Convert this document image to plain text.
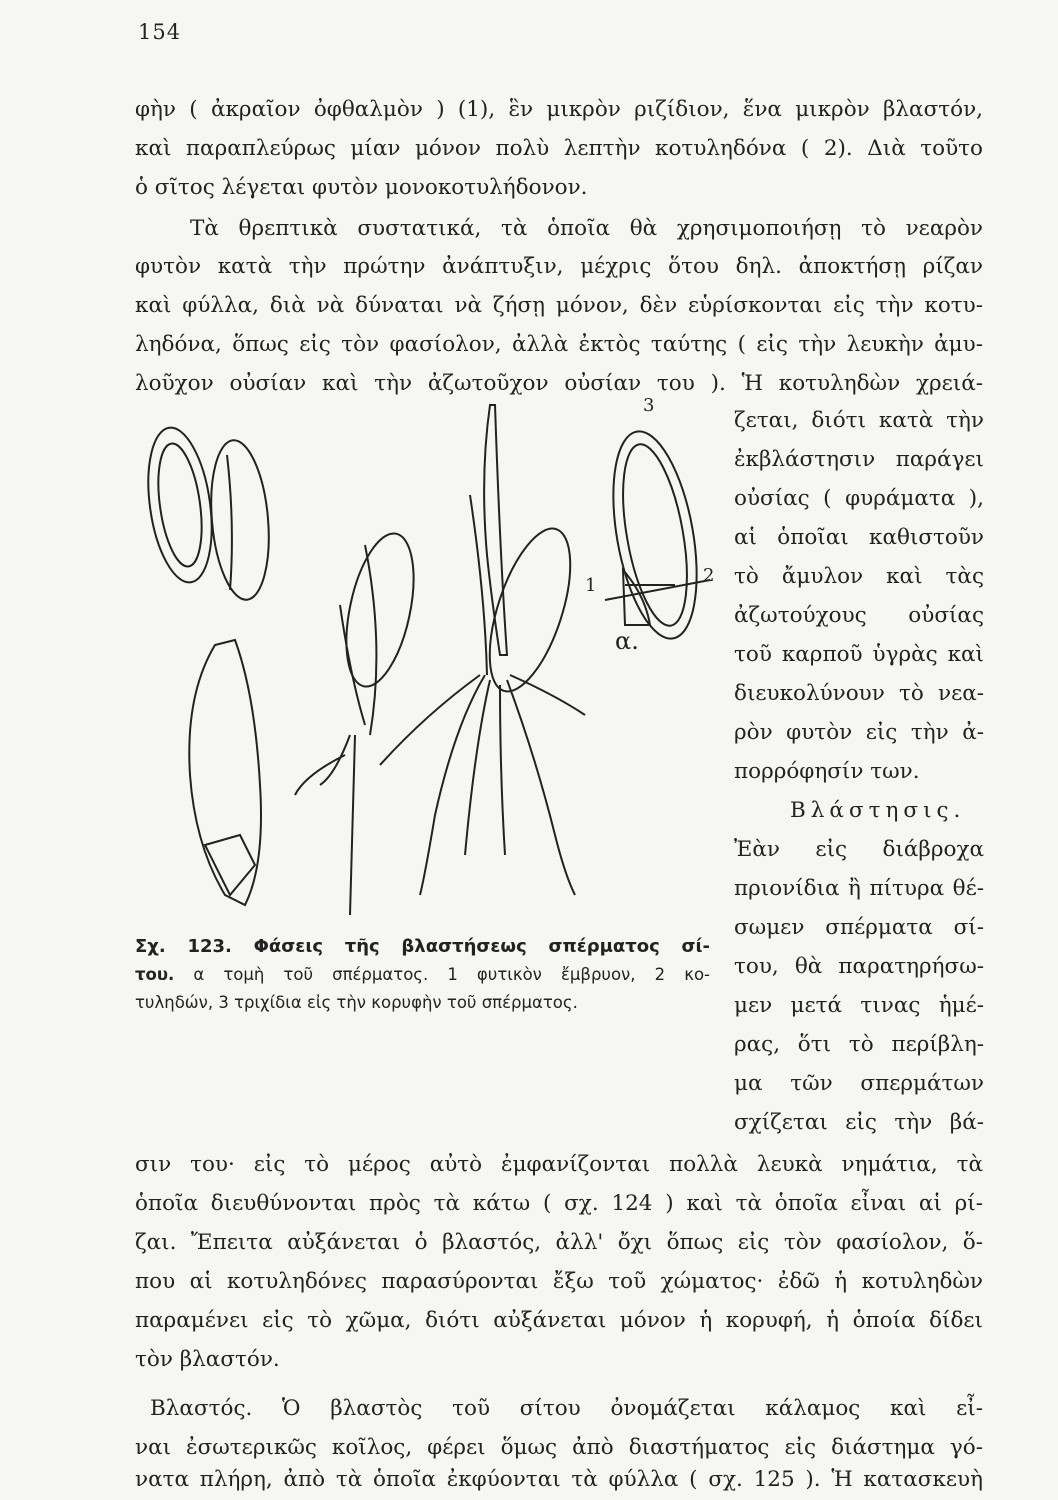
154
φὴν ( ἀκραῖον ὀφθαλμὸν ) (1), ἓν μικρὸν ριζίδιον, ἕνα μικρὸν βλαστόν,
καὶ παραπλεύρως μίαν μόνον πολὺ λεπτὴν κοτυληδόνα ( 2). Διὰ τοῦτο
ὁ σῖτος λέγεται φυτὸν μονοκοτυλήδονον.
Τὰ θρεπτικὰ συστατικά, τὰ ὁποῖα θὰ χρησιμοποιήσῃ τὸ νεαρὸν
φυτὸν κατὰ τὴν πρώτην ἀνάπτυξιν, μέχρις ὅτου δηλ. ἀποκτήσῃ ρίζαν
καὶ φύλλα, διὰ νὰ δύναται νὰ ζήσῃ μόνον, δὲν εὑρίσκονται εἰς τὴν κοτυ-
ληδόνα, ὅπως εἰς τὸν φασίολον, ἀλλὰ ἐκτὸς ταύτης ( εἰς τὴν λευκὴν ἀμυ-
λοῦχον οὐσίαν καὶ τὴν ἀζωτοῦχον οὐσίαν του ). Ἡ κοτυληδὼν χρειά-
ζεται, διότι κατὰ τὴν
ἐκβλάστησιν παράγει
οὐσίας ( φυράματα ),
αἱ ὁποῖαι καθιστοῦν
τὸ ἄμυλον καὶ τὰς
ἀζωτούχους οὐσίας
τοῦ καρποῦ ὑγρὰς καὶ
διευκολύνουν τὸ νεα-
ρὸν φυτὸν εἰς τὴν ἀ-
πορρόφησίν των.
Βλάστησις.
Ἐὰν εἰς διάβροχα
πριονίδια ἢ πίτυρα θέ-
σωμεν σπέρματα σί-
του, θὰ παρατηρήσω-
μεν μετά τινας ἡμέ-
ρας, ὅτι τὸ περίβλη-
μα τῶν σπερμάτων
σχίζεται εἰς τὴν βά-
3
1	2
α.
Σχ. 123. Φάσεις τῆς βλαστήσεως σπέρματος σί-
του. α τομὴ τοῦ σπέρματος. 1 φυτικὸν ἔμβρυον, 2 κο-
τυληδών, 3 τριχίδια εἰς τὴν κορυφὴν τοῦ σπέρματος.
σιν του· εἰς τὸ μέρος αὐτὸ ἐμφανίζονται πολλὰ λευκὰ νημάτια, τὰ
ὁποῖα διευθύνονται πρὸς τὰ κάτω ( σχ. 124 ) καὶ τὰ ὁποῖα εἶναι αἱ ρί-
ζαι. Ἔπειτα αὐξάνεται ὁ βλαστός, ἀλλ' ὄχι ὅπως εἰς τὸν φασίολον, ὅ-
που αἱ κοτυληδόνες παρασύρονται ἔξω τοῦ χώματος· ἐδῶ ἡ κοτυληδὼν
παραμένει εἰς τὸ χῶμα, διότι αὐξάνεται μόνον ἡ κορυφή, ἡ ὁποία δίδει
τὸν βλαστόν.
Βλαστός. Ὁ βλαστὸς τοῦ σίτου ὀνομάζεται κάλαμος καὶ εἶ-
ναι ἐσωτερικῶς κοῖλος, φέρει ὅμως ἀπὸ διαστήματος εἰς διάστημα γό-
νατα πλήρη, ἀπὸ τὰ ὁποῖα ἐκφύονται τὰ φύλλα ( σχ. 125 ). Ἡ κατασκευὴ
